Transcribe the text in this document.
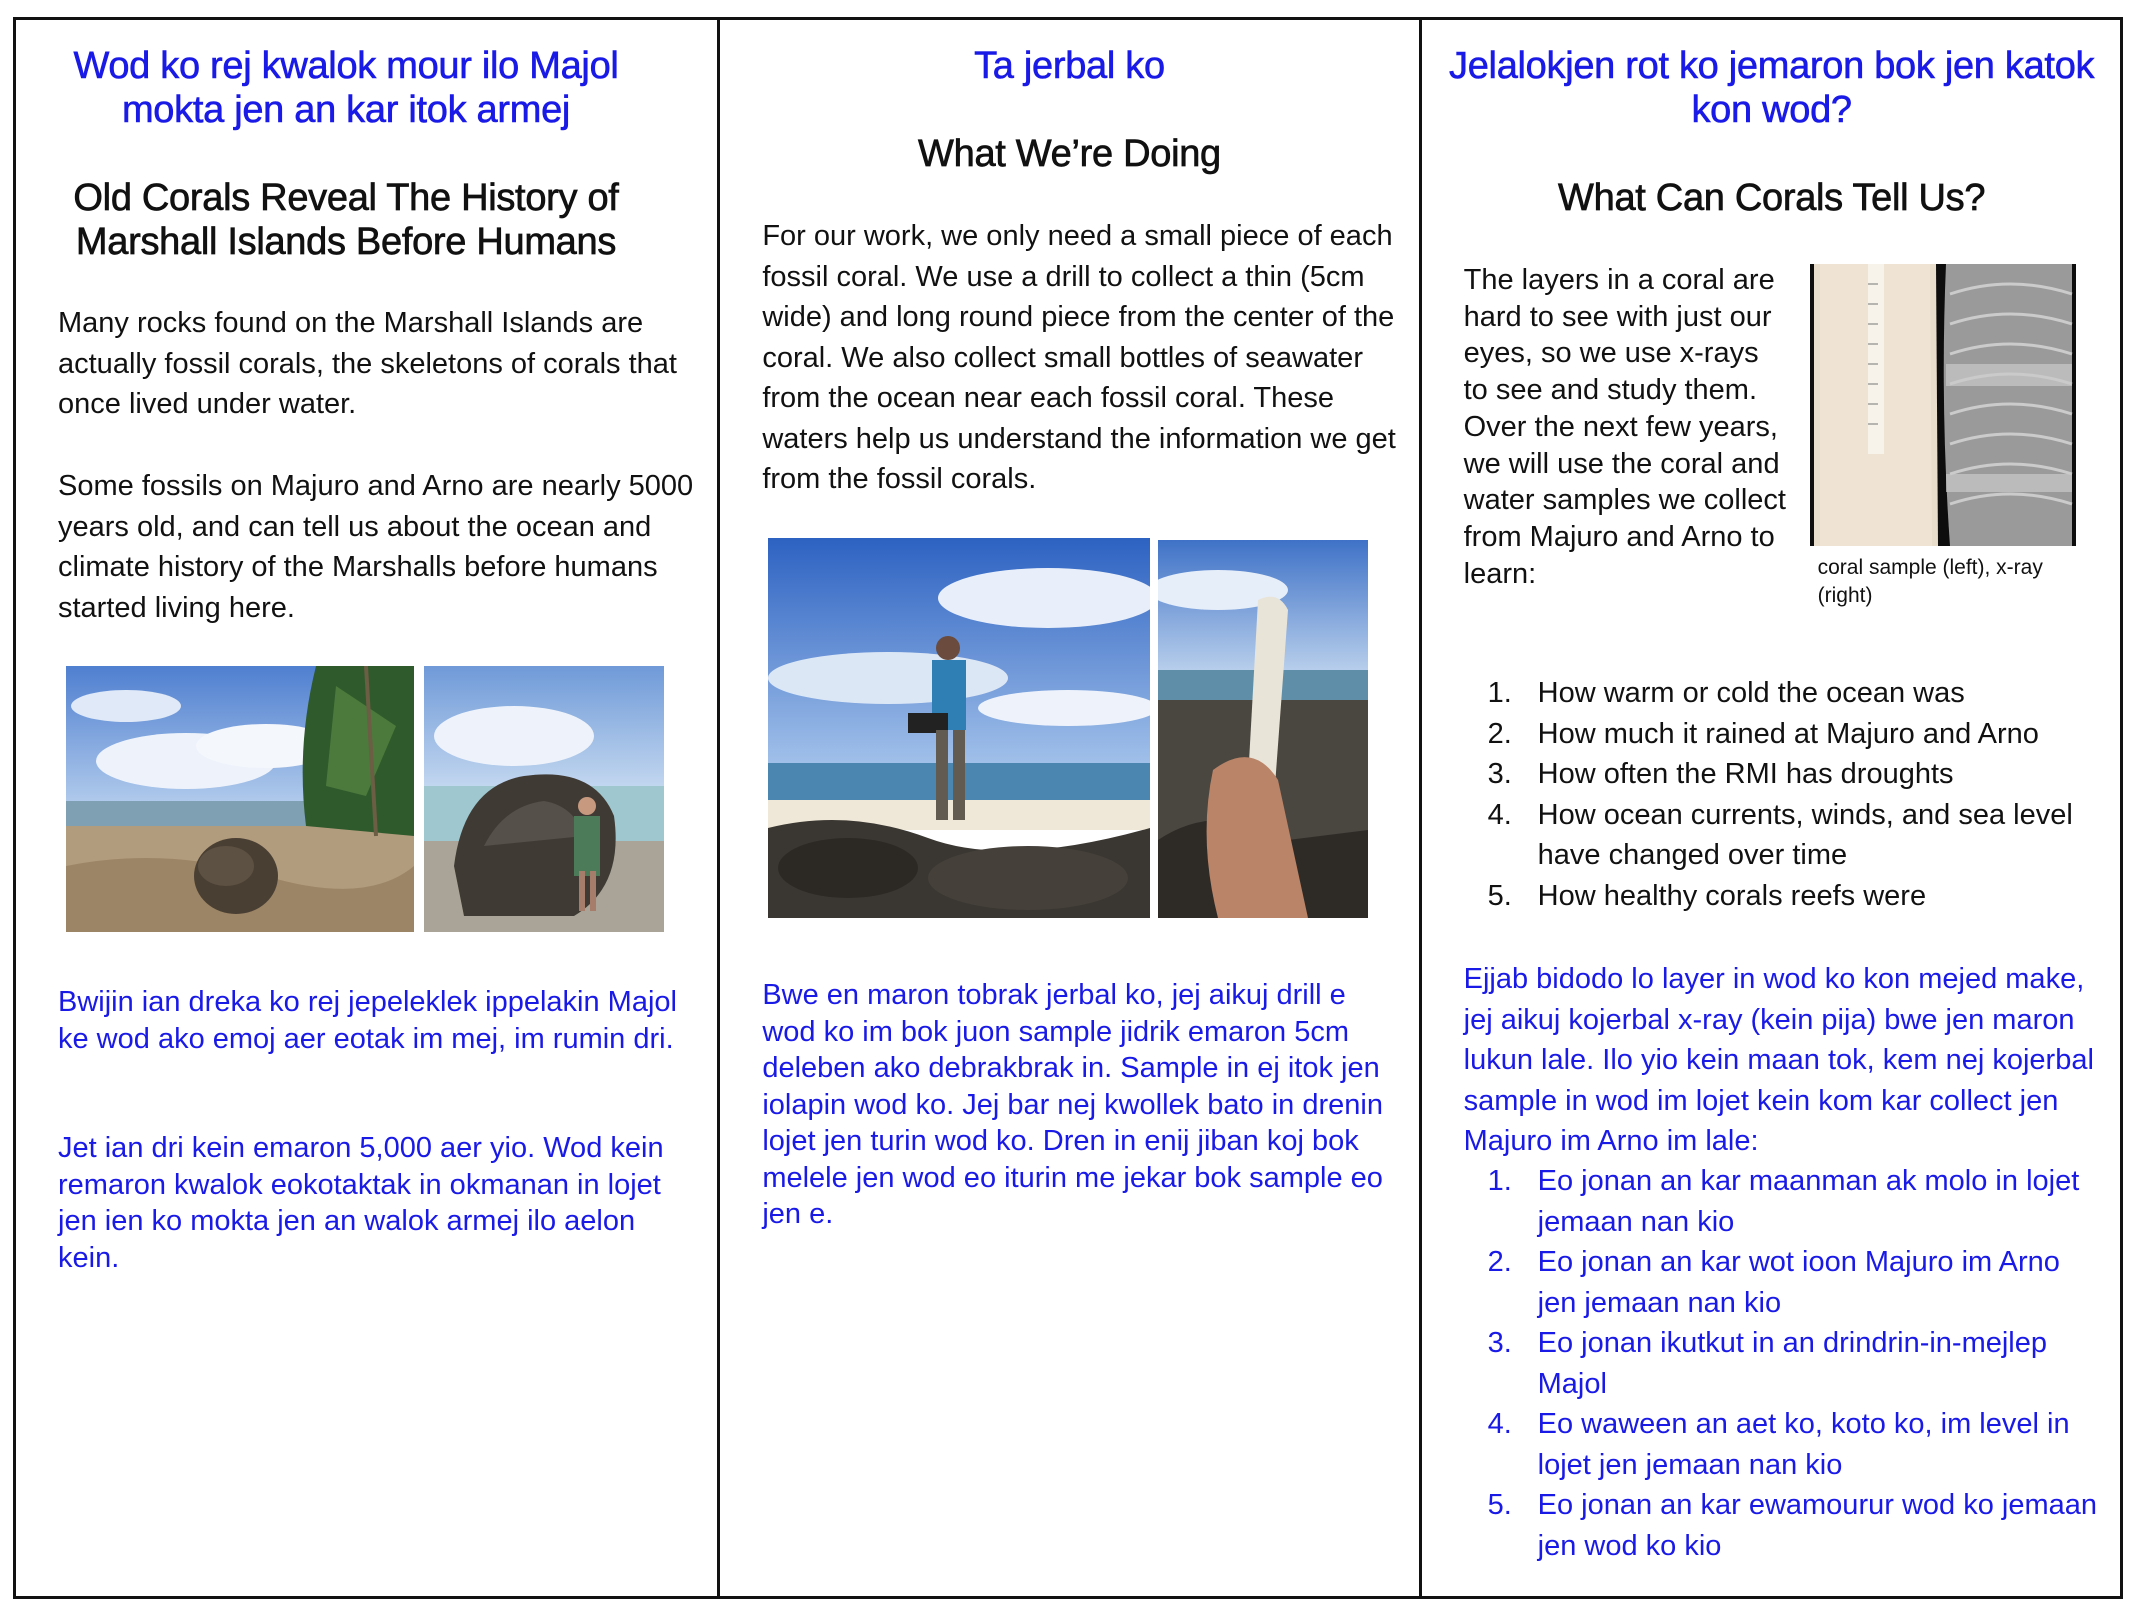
Wod ko rej kwalok mour ilo Majol mokta jen an kar itok armej
Old Corals Reveal The History of Marshall Islands Before Humans

Many rocks found on the Marshall Islands are actually fossil corals, the skeletons of corals that once lived under water.

Some fossils on Majuro and Arno are nearly 5000 years old, and can tell us about the ocean and climate history of the Marshalls before humans started living here.

Bwijin ian dreka ko rej jepeleklek ippelakin Majol ke wod ako emoj aer eotak im mej, im rumin dri.

Jet ian dri kein emaron 5,000 aer yio. Wod kein remaron kwalok eokotaktak in okmanan in lojet jen ien ko mokta jen an walok armej ilo aelon kein.

Ta jerbal ko
What We’re Doing

For our work, we only need a small piece of each fossil coral. We use a drill to collect a thin (5cm wide) and long round piece from the center of the coral. We also collect small bottles of seawater from the ocean near each fossil coral. These waters help us understand the information we get from the fossil corals.

Bwe en maron tobrak jerbal ko, jej aikuj drill e wod ko im bok juon sample jidrik emaron 5cm deleben ako debrakbrak in. Sample in ej itok jen iolapin wod ko. Jej bar nej kwollek bato in drenin lojet jen turin wod ko. Dren in enij jiban koj bok melele jen wod eo iturin me jekar bok sample eo jen e.

Jelalokjen rot ko jemaron bok jen katok kon wod?
What Can Corals Tell Us?

The layers in a coral are hard to see with just our eyes, so we use x-rays to see and study them. Over the next few years, we will use the coral and water samples we collect from Majuro and Arno to learn:	coral sample (left), x-ray (right)

1. How warm or cold the ocean was
2. How much it rained at Majuro and Arno
3. How often the RMI has droughts
4. How ocean currents, winds, and sea level have changed over time
5. How healthy corals reefs were

Ejjab bidodo lo layer in wod ko kon mejed make, jej aikuj kojerbal x-ray (kein pija) bwe jen maron lukun lale. Ilo yio kein maan tok, kem nej kojerbal sample in wod im lojet kein kom kar collect jen Majuro im Arno im lale:

1. Eo jonan an kar maanman ak molo in lojet jemaan nan kio
2. Eo jonan an kar wot ioon Majuro im Arno jen jemaan nan kio
3. Eo jonan ikutkut in an drindrin-in-mejlep Majol
4. Eo waween an aet ko, koto ko, im level in lojet jen jemaan nan kio
5. Eo jonan an kar ewamourur wod ko jemaan jen wod ko kio
